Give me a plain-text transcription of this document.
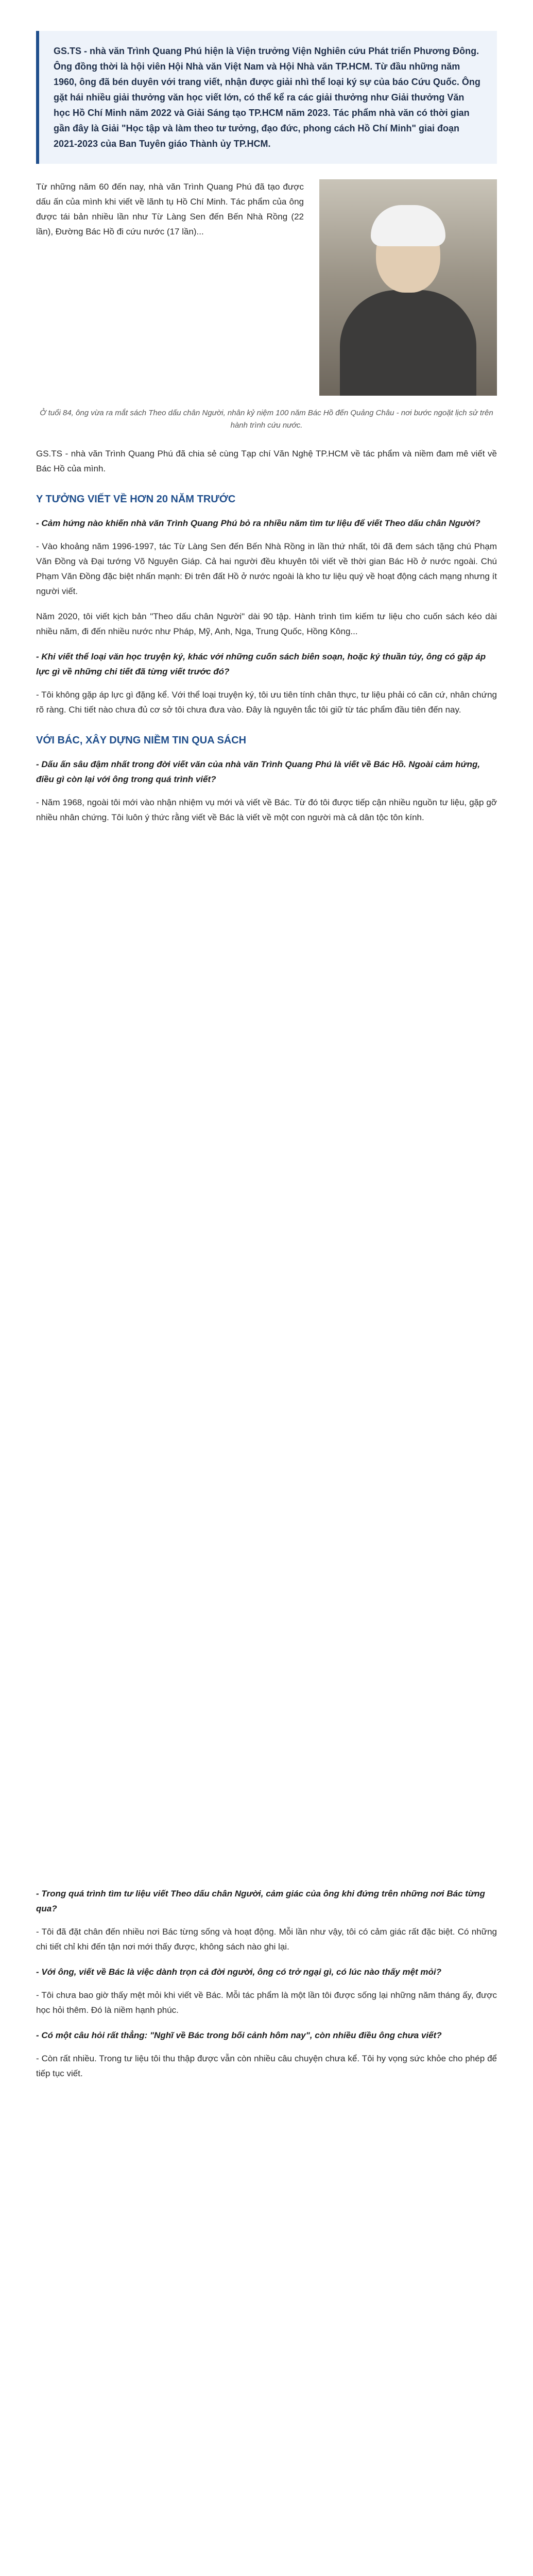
GS.TS - nhà văn Trình Quang Phú hiện là Viện trưởng Viện Nghiên cứu Phát triển Phương Đông. Ông đồng thời là hội viên Hội Nhà văn Việt Nam và Hội Nhà văn TP.HCM. Từ đầu những năm 1960, ông đã bén duyên với trang viết, nhận được giải nhì thể loại ký sự của báo Cứu Quốc. Ông gặt hái nhiều giải thưởng văn học viết lớn, có thể kể ra các giải thưởng như Giải thưởng Văn học Hồ Chí Minh năm 2022 và Giải Sáng tạo TP.HCM năm 2023. Tác phẩm nhà văn có thời gian gần đây là Giải "Học tập và làm theo tư tưởng, đạo đức, phong cách Hồ Chí Minh" giai đoạn 2021-2023 của Ban Tuyên giáo Thành ủy TP.HCM.

Từ những năm 60 đến nay, nhà văn Trình Quang Phú đã tạo được dấu ấn của mình khi viết về lãnh tụ Hồ Chí Minh. Tác phẩm của ông được tái bản nhiều lần như Từ Làng Sen đến Bến Nhà Rồng (22 lần), Đường Bác Hồ đi cứu nước (17 lần)...

Ở tuổi 84, ông vừa ra mắt sách Theo dấu chân Người, nhân kỷ niệm 100 năm Bác Hồ đến Quảng Châu - nơi bước ngoặt lịch sử trên hành trình cứu nước.

GS.TS - nhà văn Trình Quang Phú đã chia sẻ cùng Tạp chí Văn Nghệ TP.HCM về tác phẩm và niềm đam mê viết về Bác Hồ của mình.

Y TƯỞNG VIẾT VỀ HƠN 20 NĂM TRƯỚC

- Cảm hứng nào khiến nhà văn Trình Quang Phú bỏ ra nhiều năm tìm tư liệu để viết Theo dấu chân Người?

- Vào khoảng năm 1996-1997, tác Từ Làng Sen đến Bến Nhà Rồng in lần thứ nhất, tôi đã đem sách tặng chú Phạm Văn Đồng và Đại tướng Võ Nguyên Giáp. Cả hai người đều khuyên tôi viết về thời gian Bác Hồ ở nước ngoài. Chú Phạm Văn Đồng đặc biệt nhấn mạnh: Đi trên đất Hồ ở nước ngoài là kho tư liệu quý về hoạt động cách mạng nhưng ít người viết.

Năm 2020, tôi viết kịch bản "Theo dấu chân Người" dài 90 tập. Hành trình tìm kiếm tư liệu cho cuốn sách kéo dài nhiều năm, đi đến nhiều nước như Pháp, Mỹ, Anh, Nga, Trung Quốc, Hồng Kông...

- Khi viết thể loại văn học truyện ký, khác với những cuốn sách biên soạn, hoặc ký thuần túy, ông có gặp áp lực gì về những chi tiết đã từng viết trước đó?

- Tôi không gặp áp lực gì đặng kể. Với thể loại truyện ký, tôi ưu tiên tính chân thực, tư liệu phải có căn cứ, nhân chứng rõ ràng. Chi tiết nào chưa đủ cơ sở tôi chưa đưa vào. Đây là nguyên tắc tôi giữ từ tác phẩm đầu tiên đến nay.

VỚI BÁC, XÂY DỰNG NIỀM TIN QUA SÁCH

- Dấu ấn sâu đậm nhất trong đời viết văn của nhà văn Trình Quang Phú là viết về Bác Hồ. Ngoài cảm hứng, điều gì còn lại với ông trong quá trình viết?

- Năm 1968, ngoài tôi mới vào nhận nhiệm vụ mới và viết về Bác. Từ đó tôi được tiếp cận nhiều nguồn tư liệu, gặp gỡ nhiều nhân chứng. Tôi luôn ý thức rằng viết về Bác là viết về một con người mà cả dân tộc tôn kính.

- Trong quá trình tìm tư liệu viết Theo dấu chân Người, cảm giác của ông khi đứng trên những nơi Bác từng qua?

- Tôi đã đặt chân đến nhiều nơi Bác từng sống và hoạt động. Mỗi lần như vậy, tôi có cảm giác rất đặc biệt. Có những chi tiết chỉ khi đến tận nơi mới thấy được, không sách nào ghi lại.

- Với ông, viết về Bác là việc dành trọn cả đời người, ông có trở ngại gì, có lúc nào thấy mệt mỏi?

- Tôi chưa bao giờ thấy mệt mỏi khi viết về Bác. Mỗi tác phẩm là một lần tôi được sống lại những năm tháng ấy, được học hỏi thêm. Đó là niềm hạnh phúc.

- Có một câu hỏi rất thẳng: "Nghĩ về Bác trong bối cảnh hôm nay", còn nhiều điều ông chưa viết?

- Còn rất nhiều. Trong tư liệu tôi thu thập được vẫn còn nhiều câu chuyện chưa kể. Tôi hy vọng sức khỏe cho phép để tiếp tục viết.
